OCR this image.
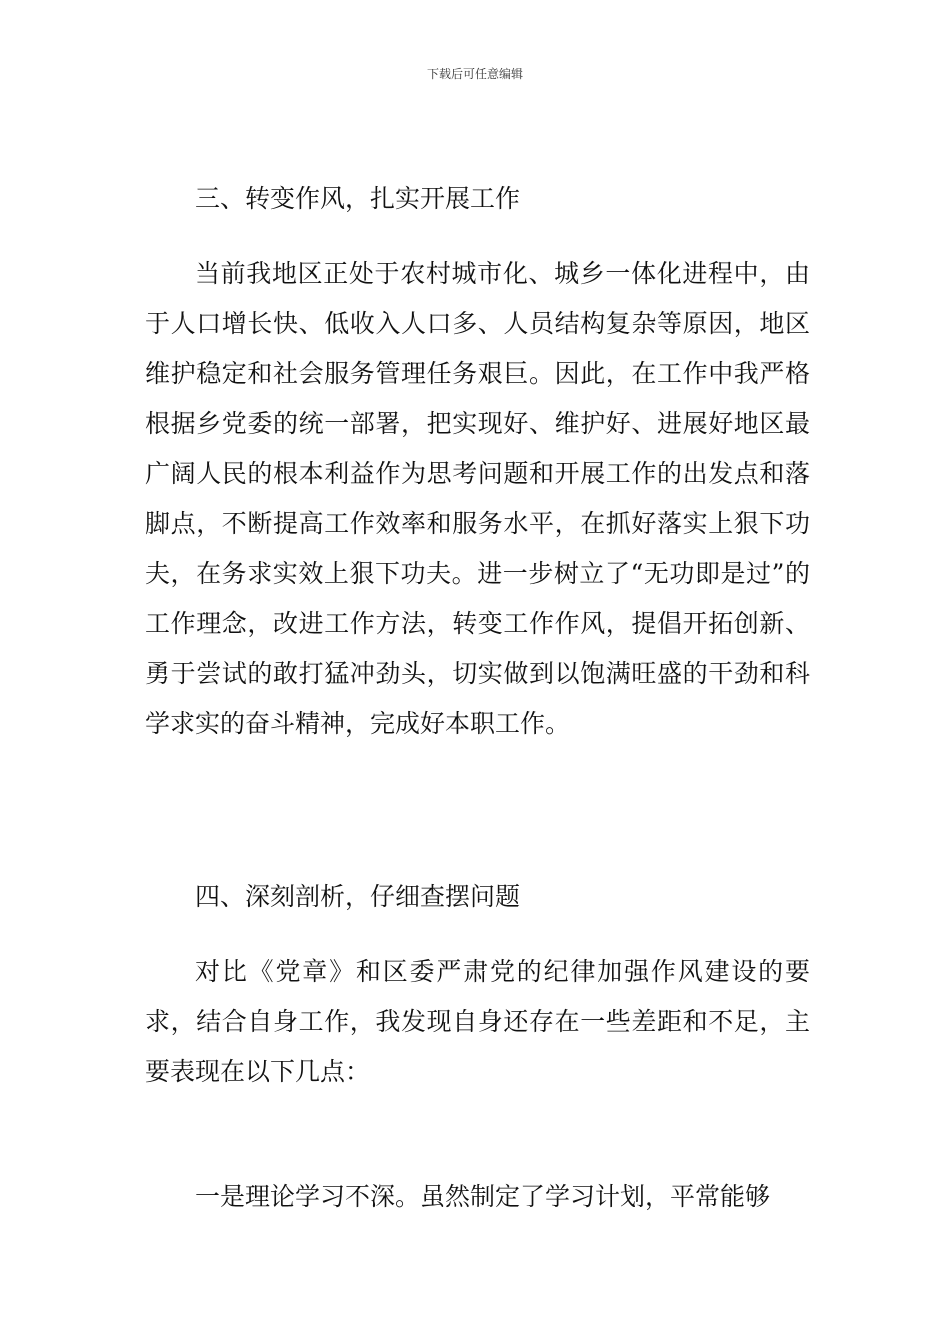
下载后可任意编辑

三、转变作风，扎实开展工作

当前我地区正处于农村城市化、城乡一体化进程中，由于人口增长快、低收入人口多、人员结构复杂等原因，地区维护稳定和社会服务管理任务艰巨。因此，在工作中我严格根据乡党委的统一部署，把实现好、维护好、进展好地区最广阔人民的根本利益作为思考问题和开展工作的出发点和落脚点，不断提高工作效率和服务水平，在抓好落实上狠下功夫，在务求实效上狠下功夫。进一步树立了“无功即是过”的工作理念，改进工作方法，转变工作作风，提倡开拓创新、勇于尝试的敢打猛冲劲头，切实做到以饱满旺盛的干劲和科学求实的奋斗精神，完成好本职工作。

四、深刻剖析，仔细查摆问题

对比《党章》和区委严肃党的纪律加强作风建设的要求，结合自身工作，我发现自身还存在一些差距和不足，主要表现在以下几点：

一是理论学习不深。虽然制定了学习计划，平常能够
